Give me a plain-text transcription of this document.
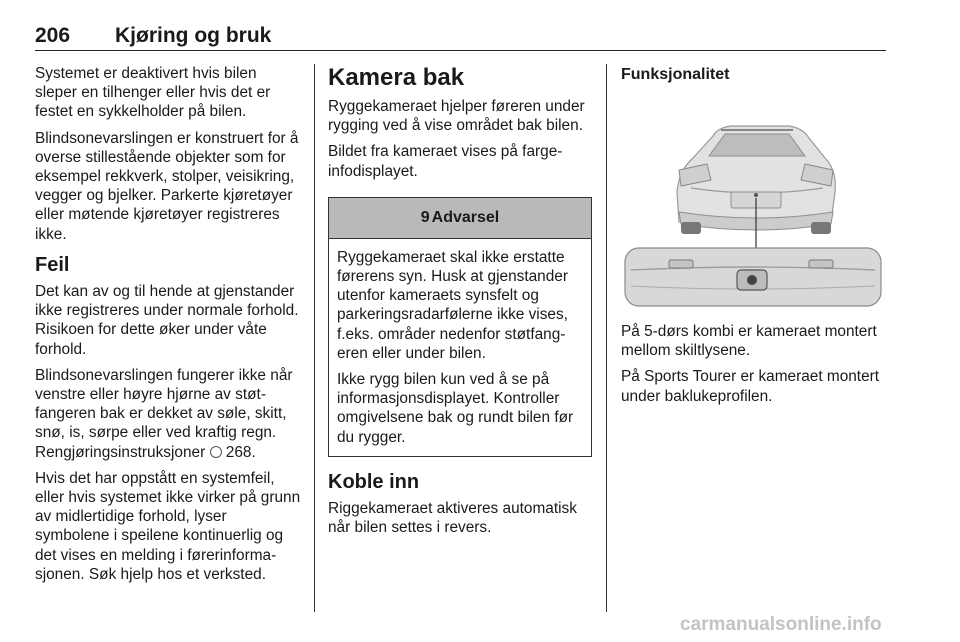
206 Kjøring og bruk

Systemet er deaktivert hvis bilen sleper en tilhenger eller hvis det er festet en sykkelholder på bilen.

Blindsonevarslingen er konstruert for å overse stillestående objekter som for eksempel rekkverk, stolper, veisikring, vegger og bjelker. Parkerte kjøretøyer eller møtende kjøretøyer registreres ikke.

Feil

Det kan av og til hende at gjenstander ikke registreres under normale forhold. Risikoen for dette øker under våte forhold.

Blindsonevarslingen fungerer ikke når venstre eller høyre hjørne av støtfangeren bak er dekket av søle, skitt, snø, is, sørpe eller ved kraftig regn. Rengjøringsinstruksjoner 268.

Hvis det har oppstått en systemfeil, eller hvis systemet ikke virker på grunn av midlertidige forhold, lyser symbolene i speilene kontinuerlig og det vises en melding i førerinformasjonen. Søk hjelp hos et verksted.

Kamera bak

Ryggekameraet hjelper føreren under rygging ved å vise området bak bilen.

Bildet fra kameraet vises på farge-infodisplayet.

9 Advarsel

Ryggekameraet skal ikke erstatte førerens syn. Husk at gjenstander utenfor kameraets synsfelt og parkeringsradarfølerne ikke vises, f.eks. områder nedenfor støtfangeren eller under bilen.

Ikke rygg bilen kun ved å se på informasjonsdisplayet. Kontroller omgivelsene bak og rundt bilen før du rygger.

Koble inn

Riggekameraet aktiveres automatisk når bilen settes i revers.

Funksjonalitet

På 5-dørs kombi er kameraet montert mellom skiltlysene.

På Sports Tourer er kameraet montert under baklukeprofilen.

carmanualsonline.info
